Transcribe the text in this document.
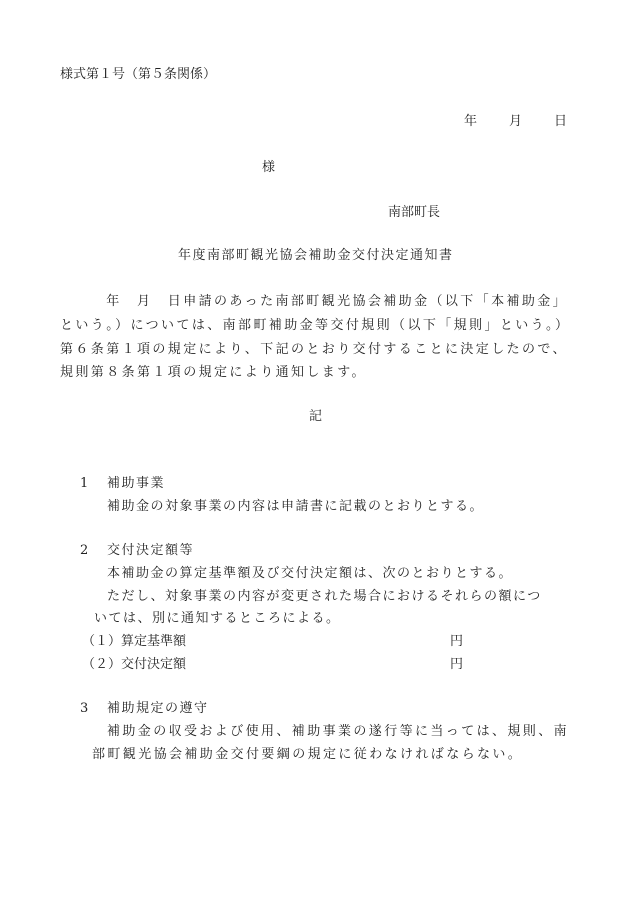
様式第１号（第５条関係）
年　　月　　日
様
南部町長
年度南部町観光協会補助金交付決定通知書
　　　年　月　日申請のあった南部町観光協会補助金（以下「本補助金」
という。）については、南部町補助金等交付規則（以下「規則」という。）
第６条第１項の規定により、下記のとおり交付することに決定したので、
規則第８条第１項の規定により通知します。
記
1 補助事業
補助金の対象事業の内容は申請書に記載のとおりとする。
2 交付決定額等
本補助金の算定基準額及び交付決定額は、次のとおりとする。
ただし、対象事業の内容が変更された場合におけるそれらの額につ
いては、別に通知するところによる。
（１）算定基準額	円
（２）交付決定額	円
3 補助規定の遵守
補助金の収受および使用、補助事業の遂行等に当っては、規則、南
部町観光協会補助金交付要綱の規定に従わなければならない。
